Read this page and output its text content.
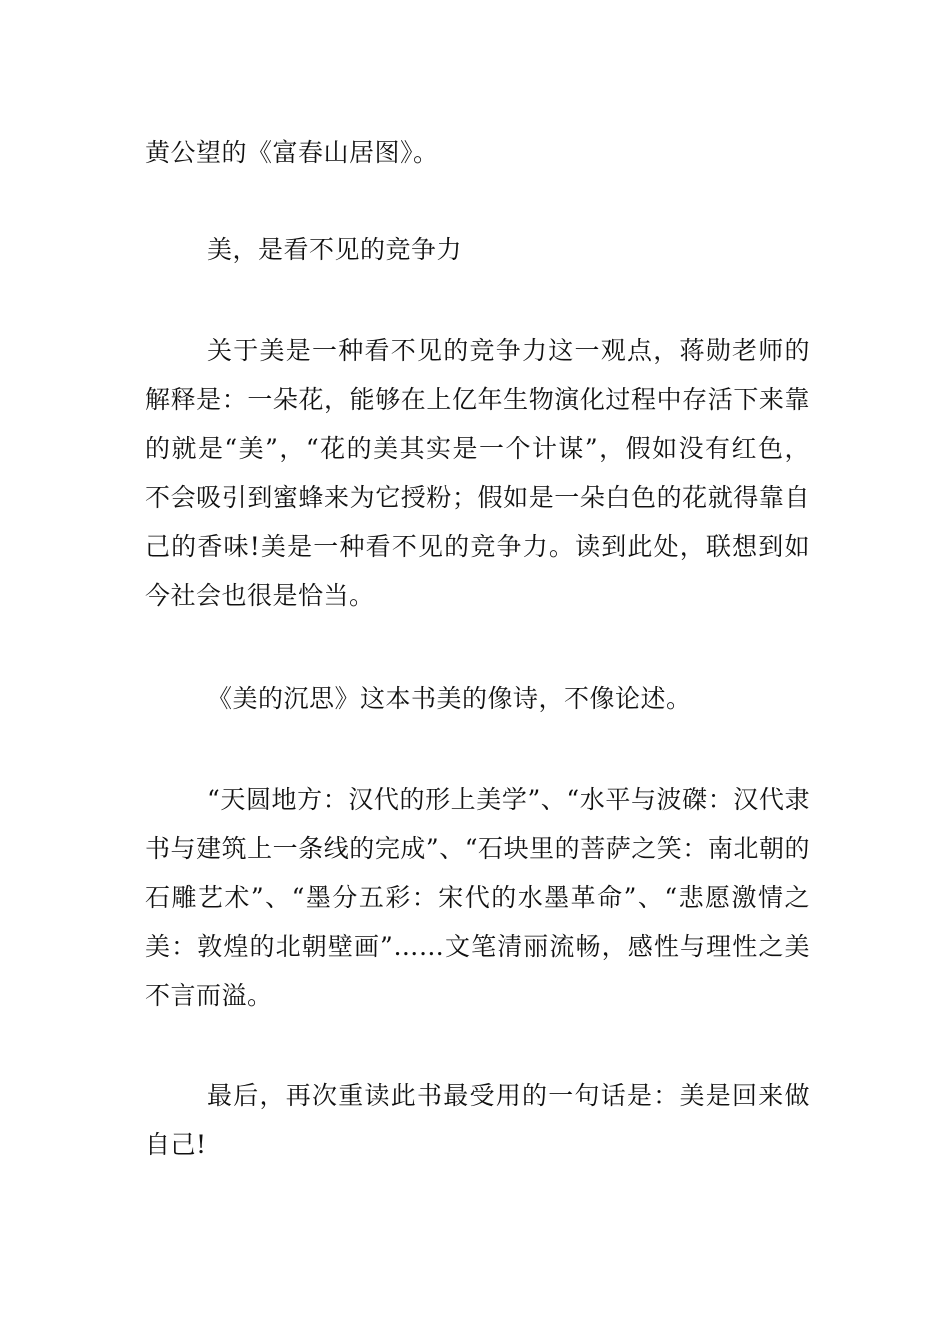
黄公望的《富春山居图》。

美，是看不见的竞争力

关于美是一种看不见的竞争力这一观点，蒋勋老师的解释是：一朵花，能够在上亿年生物演化过程中存活下来靠的就是“美”，“花的美其实是一个计谋”，假如没有红色，不会吸引到蜜蜂来为它授粉；假如是一朵白色的花就得靠自己的香味!美是一种看不见的竞争力。读到此处，联想到如今社会也很是恰当。

《美的沉思》这本书美的像诗，不像论述。

“天圆地方：汉代的形上美学”、“水平与波磔：汉代隶书与建筑上一条线的完成”、“石块里的菩萨之笑：南北朝的石雕艺术”、“墨分五彩：宋代的水墨革命”、“悲愿激情之美：敦煌的北朝壁画”……文笔清丽流畅，感性与理性之美不言而溢。

最后，再次重读此书最受用的一句话是：美是回来做自己!
